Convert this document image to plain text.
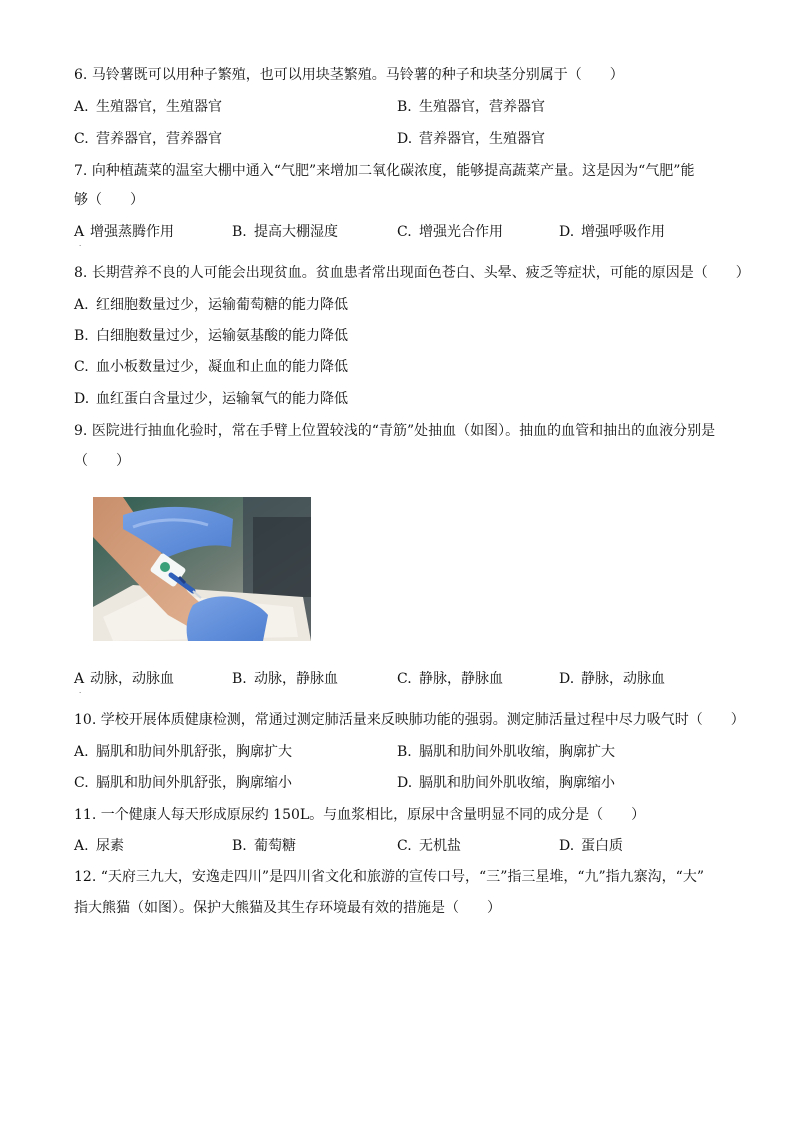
6. 马铃薯既可以用种子繁殖，也可以用块茎繁殖。马铃薯的种子和块茎分别属于（　　）
A. 生殖器官，生殖器官	B. 生殖器官，营养器官
C. 营养器官，营养器官	D. 营养器官，生殖器官
7. 向种植蔬菜的温室大棚中通入“气肥”来增加二氧化碳浓度，能够提高蔬菜产量。这是因为“气肥”能
够（　　）
A 增强蒸腾作用	B. 提高大棚湿度	C. 增强光合作用	D. 增强呼吸作用
·
8. 长期营养不良的人可能会出现贫血。贫血患者常出现面色苍白、头晕、疲乏等症状，可能的原因是（　　）
A. 红细胞数量过少，运输葡萄糖的能力降低
B. 白细胞数量过少，运输氨基酸的能力降低
C. 血小板数量过少，凝血和止血的能力降低
D. 血红蛋白含量过少，运输氧气的能力降低
9. 医院进行抽血化验时，常在手臂上位置较浅的“青筋”处抽血（如图）。抽血的血管和抽出的血液分别是
（　　）
A 动脉，动脉血	B. 动脉，静脉血	C. 静脉，静脉血	D. 静脉，动脉血
·
10. 学校开展体质健康检测，常通过测定肺活量来反映肺功能的强弱。测定肺活量过程中尽力吸气时（　　）
A. 膈肌和肋间外肌舒张，胸廓扩大	B. 膈肌和肋间外肌收缩，胸廓扩大
C. 膈肌和肋间外肌舒张，胸廓缩小	D. 膈肌和肋间外肌收缩，胸廓缩小
11. 一个健康人每天形成原尿约 150L。与血浆相比，原尿中含量明显不同的成分是（　　）
A. 尿素	B. 葡萄糖	C. 无机盐	D. 蛋白质
12. “天府三九大，安逸走四川”是四川省文化和旅游的宣传口号，“三”指三星堆，“九”指九寨沟，“大”
指大熊猫（如图）。保护大熊猫及其生存环境最有效的措施是（　　）
